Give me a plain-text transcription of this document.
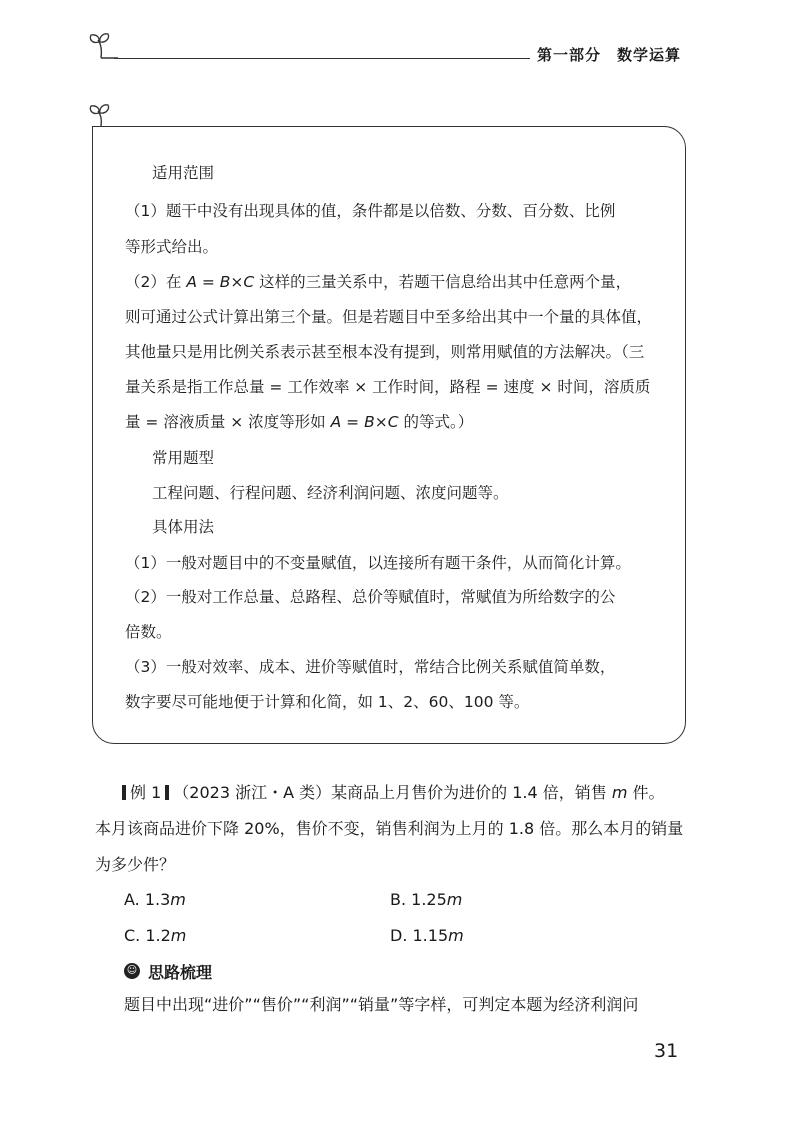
第一部分　数学运算
适用范围
（1）题干中没有出现具体的值，条件都是以倍数、分数、百分数、比例
等形式给出。
（2）在 A = B×C 这样的三量关系中，若题干信息给出其中任意两个量，
则可通过公式计算出第三个量。但是若题目中至多给出其中一个量的具体值，
其他量只是用比例关系表示甚至根本没有提到，则常用赋值的方法解决。（三
量关系是指工作总量 = 工作效率 × 工作时间，路程 = 速度 × 时间，溶质质
量 = 溶液质量 × 浓度等形如 A = B×C 的等式。）
常用题型
工程问题、行程问题、经济利润问题、浓度问题等。
具体用法
（1）一般对题目中的不变量赋值，以连接所有题干条件，从而简化计算。
（2）一般对工作总量、总路程、总价等赋值时，常赋值为所给数字的公
倍数。
（3）一般对效率、成本、进价等赋值时，常结合比例关系赋值简单数，
数字要尽可能地便于计算和化简，如 1、2、60、100 等。
例 1 （2023 浙江・A 类）某商品上月售价为进价的 1.4 倍，销售 m 件。
本月该商品进价下降 20%，售价不变，销售利润为上月的 1.8 倍。那么本月的销量
为多少件？
A. 1.3m	B. 1.25m
C. 1.2m	D. 1.15m
☺ 思路梳理
题目中出现“进价”“售价”“利润”“销量”等字样，可判定本题为经济利润问
31
